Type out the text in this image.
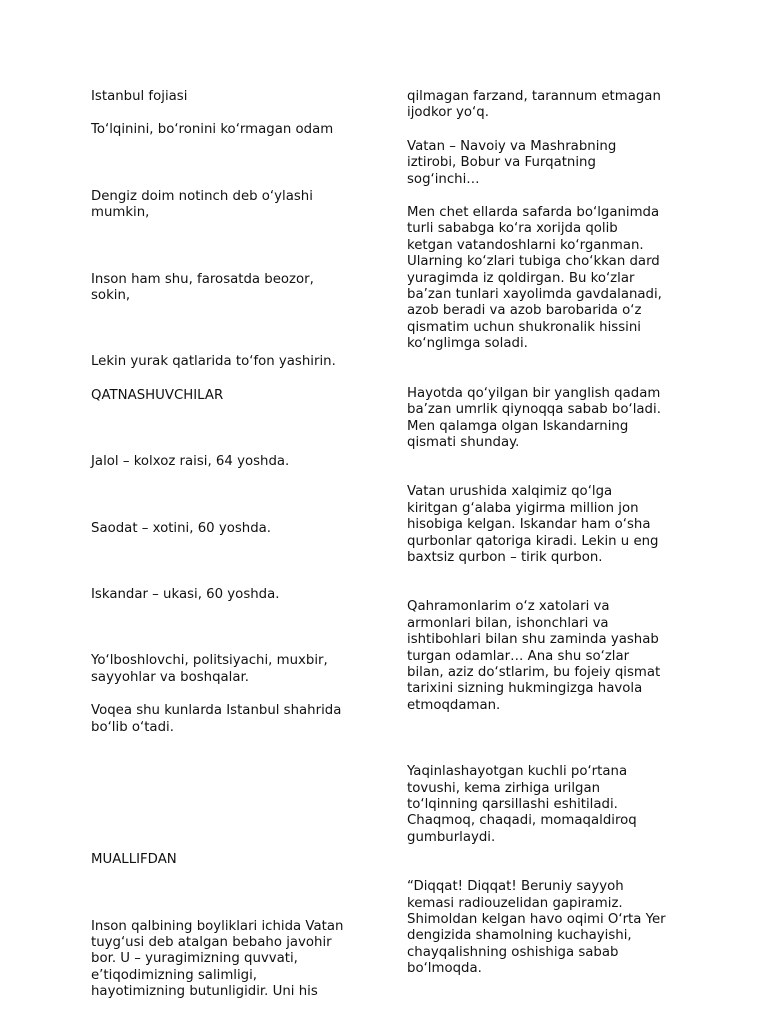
Istanbul fojiasi

To‘lqinini, bo‘ronini ko‘rmagan odam

Dengiz doim notinch deb o‘ylashi
mumkin,

Inson ham shu, farosatda beozor,
sokin,

Lekin yurak qatlarida to‘fon yashirin.

QATNASHUVCHILAR

Jalol – kolxoz raisi, 64 yoshda.

Saodat – xotini, 60 yoshda.

Iskandar – ukasi, 60 yoshda.

Yo‘lboshlovchi, politsiyachi, muxbir,
sayyohlar va boshqalar.

Voqea shu kunlarda Istanbul shahrida
bo‘lib o‘tadi.

MUALLIFDAN

Inson qalbining boyliklari ichida Vatan
tuyg‘usi deb atalgan bebaho javohir
bor. U – yuragimizning quvvati,
e’tiqodimizning salimligi,
hayotimizning butunligidir. Uni his

qilmagan farzand, tarannum etmagan
ijodkor yo‘q.

Vatan – Navoiy va Mashrabning
iztirobi, Bobur va Furqatning
sog‘inchi…

Men chet ellarda safarda bo‘lganimda
turli sababga ko‘ra xorijda qolib
ketgan vatandoshlarni ko‘rganman.
Ularning ko‘zlari tubiga cho‘kkan dard
yuragimda iz qoldirgan. Bu ko‘zlar
ba’zan tunlari xayolimda gavdalanadi,
azob beradi va azob barobarida o‘z
qismatim uchun shukronalik hissini
ko‘nglimga soladi.

Hayotda qo‘yilgan bir yanglish qadam
ba’zan umrlik qiynoqqa sabab bo‘ladi.
Men qalamga olgan Iskandarning
qismati shunday.

Vatan urushida xalqimiz qo‘lga
kiritgan g‘alaba yigirma million jon
hisobiga kelgan. Iskandar ham o‘sha
qurbonlar qatoriga kiradi. Lekin u eng
baxtsiz qurbon – tirik qurbon.

Qahramonlarim o‘z xatolari va
armonlari bilan, ishonchlari va
ishtibohlari bilan shu zaminda yashab
turgan odamlar… Ana shu so‘zlar
bilan, aziz do‘stlarim, bu fojeiy qismat
tarixini sizning hukmingizga havola
etmoqdaman.

Yaqinlashayotgan kuchli po‘rtana
tovushi, kema zirhiga urilgan
to‘lqinning qarsillashi eshitiladi.
Chaqmoq, chaqadi, momaqaldiroq
gumburlaydi.

“Diqqat! Diqqat! Beruniy sayyoh
kemasi radiouzelidan gapiramiz.
Shimoldan kelgan havo oqimi O‘rta Yer
dengizida shamolning kuchayishi,
chayqalishning oshishiga sabab
bo‘lmoqda.
